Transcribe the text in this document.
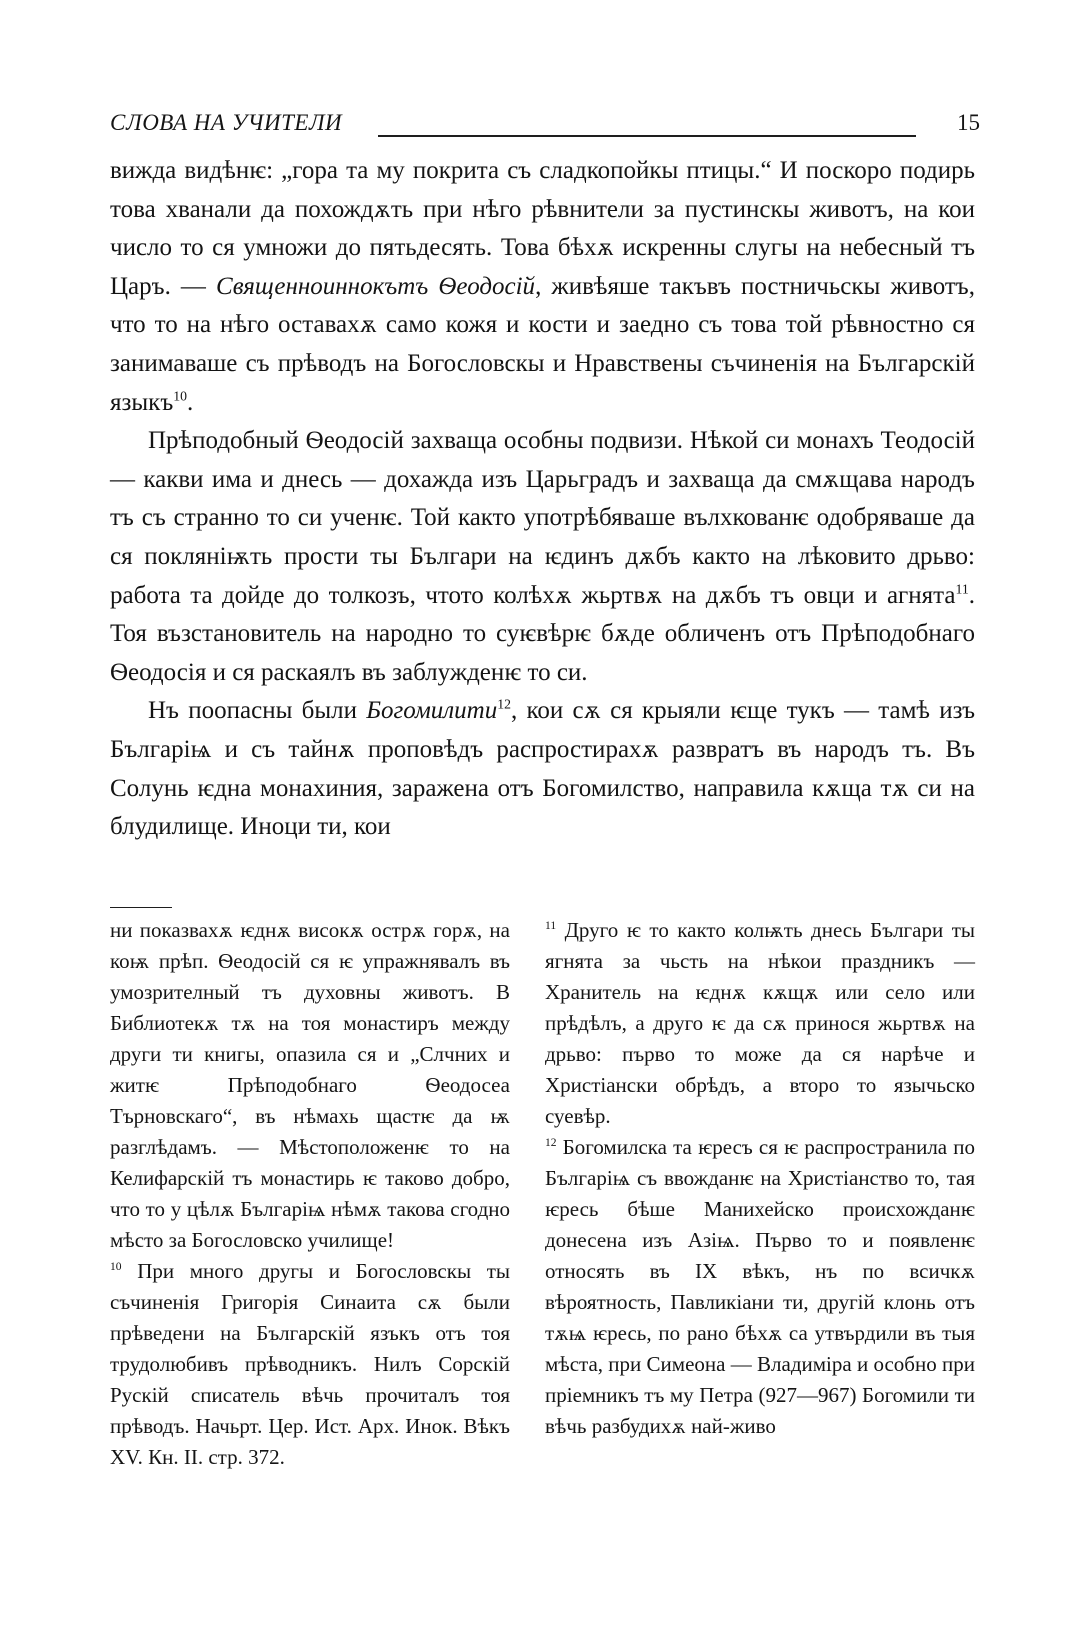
СЛОВА НА УЧИТЕЛИ	15

вижда видѣнѥ: „гора та му покрита съ сладкопойкы птицы.“ И поскоро подирь това хванали да похождѫть при нѣго рѣвнители за пустинскы животъ, на кои число то ся умножи до пятьдесять. Това бѣхѫ искренны слугы на небесный тъ Царъ. — Священноиннокътъ Ѳеодосій, живѣяше такъвъ постничьскы животъ, что то на нѣго оставахѫ само кожя и кости и заедно съ това той рѣвностно ся занимаваше съ прѣводъ на Богословскы и Нравствены съчиненія на Българскій языкъ$^{10}$.

Прѣподобный Ѳеодосій захваща особны подвизи. Нѣкой си монахъ Теодосій — какви има и днесь — дохажда изъ Царьградъ и захваща да смѫщава народъ тъ съ странно то си ученѥ. Той както употрѣбяваше вълхкованѥ одобряваше да ся покляніѭть прости ты Българи на ѥдинъ дѫбъ както на лѣковито дрьво: работа та дойде до толкозъ, чтото колѣхѫ жьртвѫ на дѫбъ тъ овци и агнята$^{11}$. Тоя възстановитель на народно то суѥвѣрѥ бѫде обличенъ отъ Прѣподобнаго Ѳеодосія и ся раскаялъ въ заблужденѥ то си.

Нъ поопасны были Богомилити$^{12}$, кои сѫ ся крыяли ѥще тукъ — тамѣ изъ Българіѩ и съ тайнѫ проповѣдъ распростирахѫ развратъ въ народъ тъ. Въ Солунь ѥдна монахиния, заражена отъ Богомилство, направила кѫща тѫ си на блудилище. Иноци ти, кои

ни показвахѫ ѥднѫ високѫ острѫ горѫ, на коѭ прѣп. Ѳеодосій ся ѥ упражнявалъ въ умозрителный тъ духовны животъ. В Библиотекѫ тѫ на тоя монастиръ между други ти книгы, опазила ся и „Слчних и житѥ Прѣподобнаго Ѳеодосеа Търновскаго“, въ нѣмахь щастѥ да ѭ разглѣдамъ. — Мѣстоположенѥ то на Келифарскій тъ монастирь ѥ таково добро, что то у цѣлѫ Българіѩ нѣмѫ такова сгодно мѣсто за Богословско училище!

$^{10}$ При много другы и Богословскы ты съчиненія Григорія Синаита сѫ были прѣведени на Българскій язъкъ отъ тоя трудолюбивъ прѣводникъ. Нилъ Сорскій Рускій списатель вѣчь прочиталъ тоя прѣводъ. Начьрт. Цер. Ист. Арх. Инок. Вѣкъ XV. Кн. II. стр. 372.

$^{11}$ Друго ѥ то както колѭть днесь Българи ты ягнята за чьсть на нѣкои праздникъ — Хранитель на ѥднѫ кѫщѫ или село или прѣдѣлъ, а друго ѥ да сѫ принося жьртвѫ на дрьво: първо то може да ся нарѣче и Христіански обрѣдъ, а второ то язычьско суевѣр.

$^{12}$ Богомилска та ѥресъ ся ѥ распространила по Българіѩ съ ввожданѥ на Христіанство то, тая ѥресь бѣше Манихейско происхожданѥ донесена изъ Азіѩ. Първо то и появленѥ относять въ IX вѣкъ, нъ по всичкѫ вѣроятность, Павликіани ти, другій клонь отъ тѫѩ ѥресь, по рано бѣхѫ са утвърдили въ тыя мѣста, при Симеона — Владиміра и особно при пріемникъ тъ му Петра (927—967) Богомили ти вѣчь разбудихѫ най-живо
